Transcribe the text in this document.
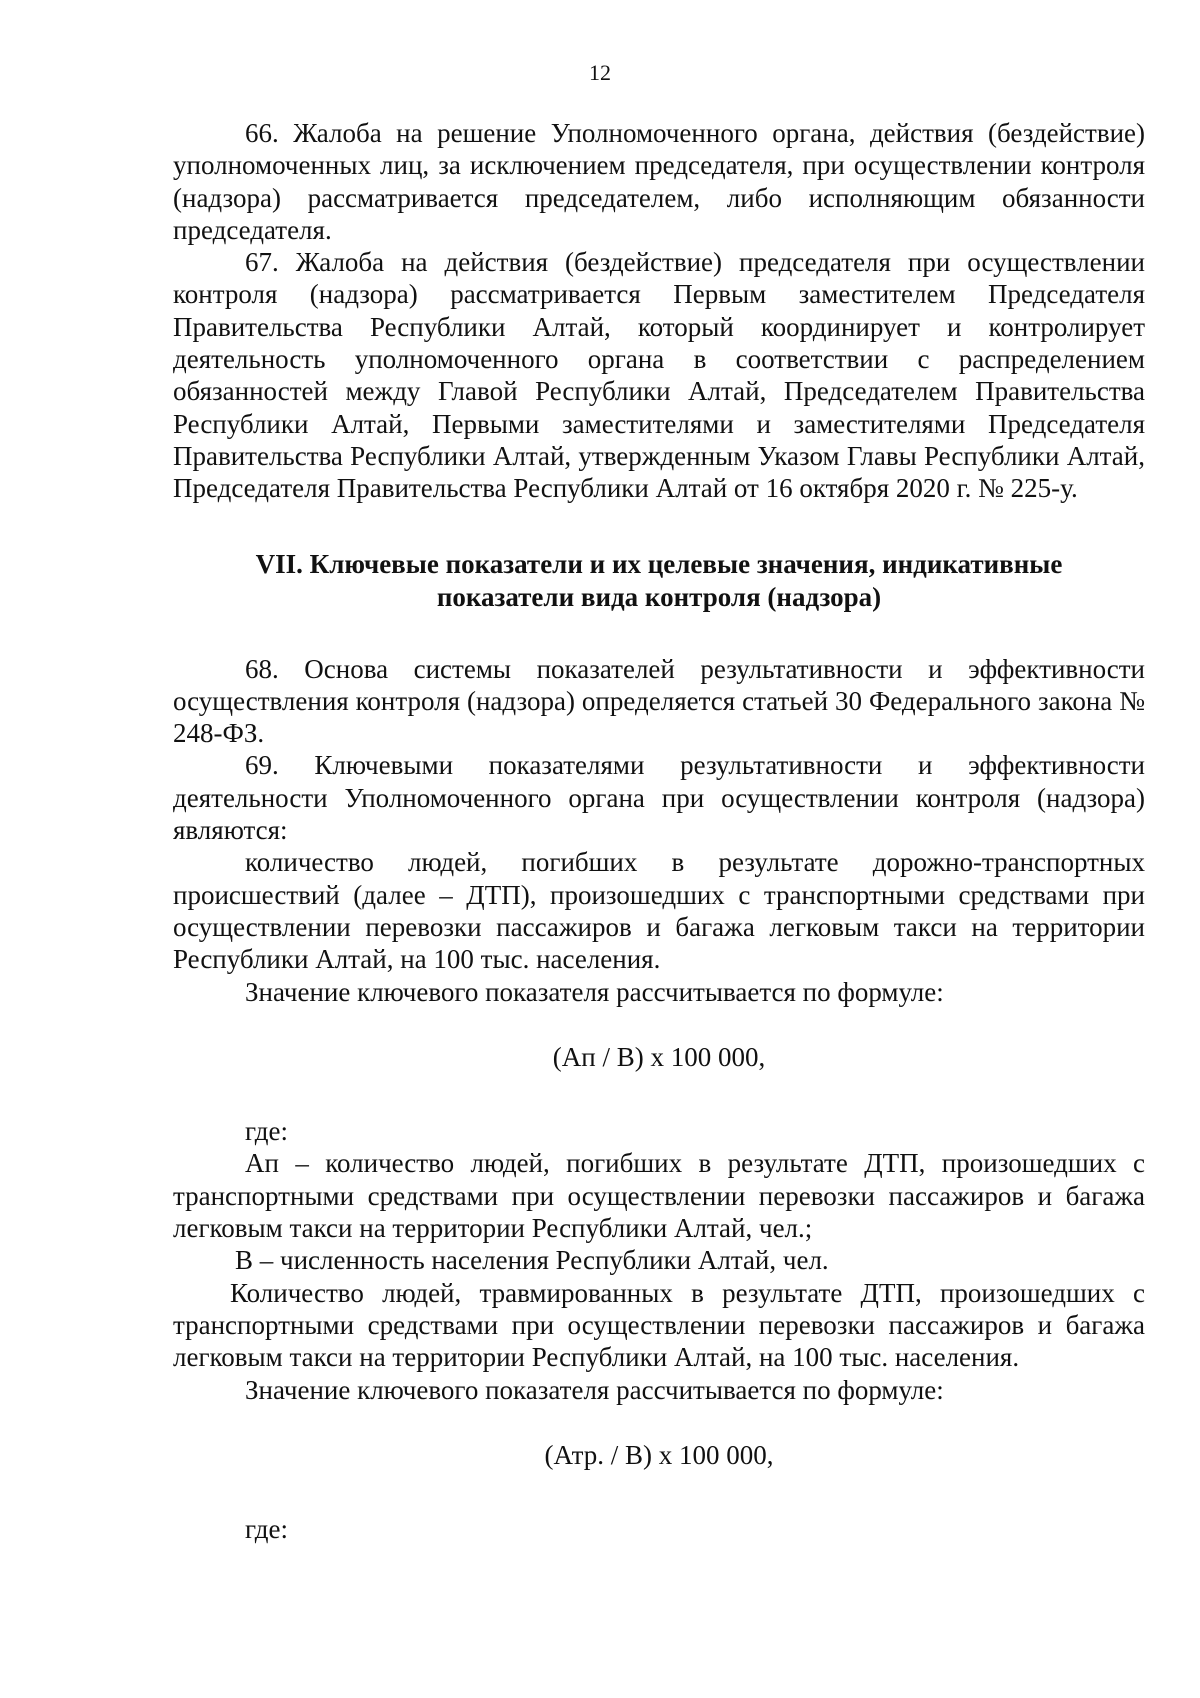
12

66. Жалоба на решение Уполномоченного органа, действия (бездействие) уполномоченных лиц, за исключением председателя, при осуществлении контроля (надзора) рассматривается председателем, либо исполняющим обязанности председателя.

67. Жалоба на действия (бездействие) председателя при осуществлении контроля (надзора) рассматривается Первым заместителем Председателя Правительства Республики Алтай, который координирует и контролирует деятельность уполномоченного органа в соответствии с распределением обязанностей между Главой Республики Алтай, Председателем Правительства Республики Алтай, Первыми заместителями и заместителями Председателя Правительства Республики Алтай, утвержденным Указом Главы Республики Алтай, Председателя Правительства Республики Алтай от 16 октября 2020 г. № 225-у.

VII. Ключевые показатели и их целевые значения, индикативные
показатели вида контроля (надзора)

68. Основа системы показателей результативности и эффективности осуществления контроля (надзора) определяется статьей 30 Федерального закона № 248-ФЗ.

69. Ключевыми показателями результативности и эффективности деятельности Уполномоченного органа при осуществлении контроля (надзора) являются:

количество людей, погибших в результате дорожно-транспортных происшествий (далее – ДТП), произошедших с транспортными средствами при осуществлении перевозки пассажиров и багажа легковым такси на территории Республики Алтай, на 100 тыс. населения.

Значение ключевого показателя рассчитывается по формуле:

(Ап / В) х 100 000,

где:

Ап – количество людей, погибших в результате ДТП, произошедших с транспортными средствами при осуществлении перевозки пассажиров и багажа легковым такси на территории Республики Алтай, чел.;

В – численность населения Республики Алтай, чел.

Количество людей, травмированных в результате ДТП, произошедших с транспортными средствами при осуществлении перевозки пассажиров и багажа легковым такси на территории Республики Алтай, на 100 тыс. населения.

Значение ключевого показателя рассчитывается по формуле:

(Атр. / В) х 100 000,

где:
